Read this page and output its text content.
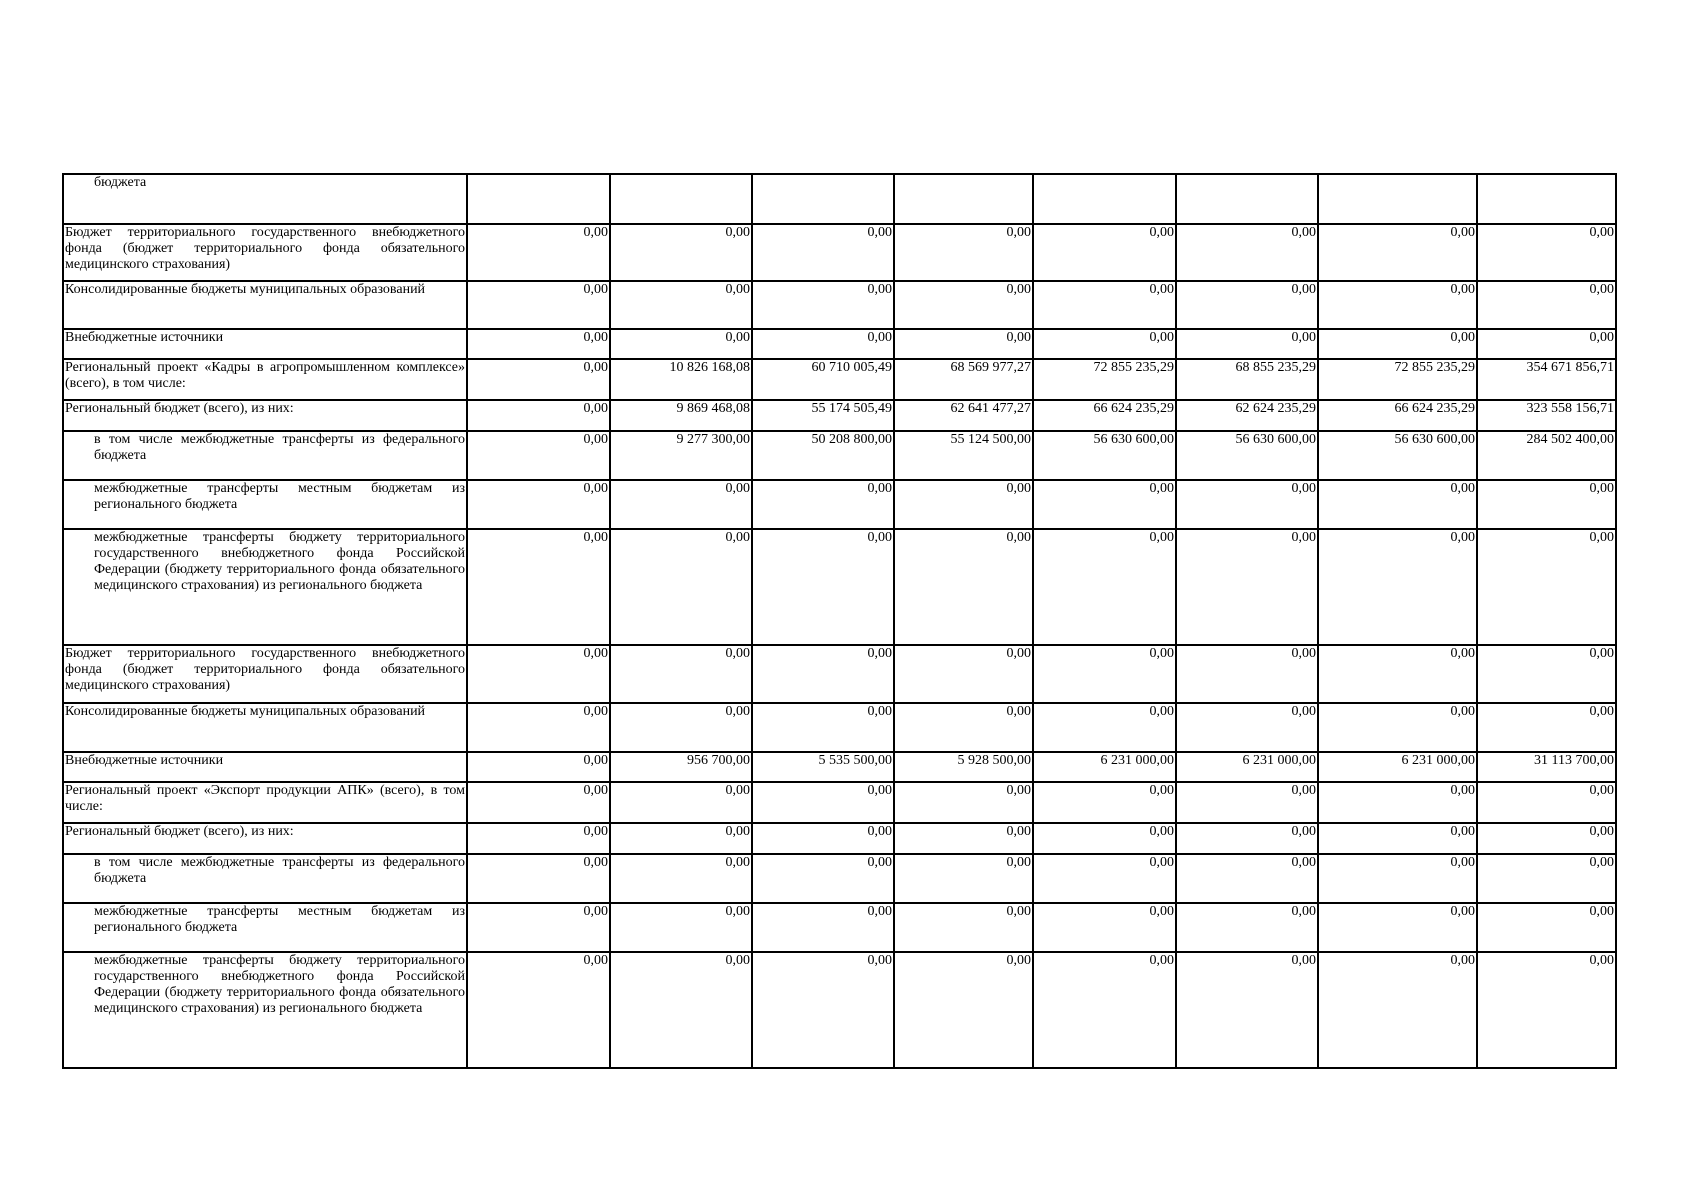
бюджета								
Бюджет территориального государственного внебюджетного фонда (бюджет территориального фонда обязательного медицинского страхования)	0,00	0,00	0,00	0,00	0,00	0,00	0,00	0,00
Консолидированные бюджеты муниципальных образований	0,00	0,00	0,00	0,00	0,00	0,00	0,00	0,00
Внебюджетные источники	0,00	0,00	0,00	0,00	0,00	0,00	0,00	0,00
Региональный проект «Кадры в агропромышленном комплексе» (всего), в том числе:	0,00	10 826 168,08	60 710 005,49	68 569 977,27	72 855 235,29	68 855 235,29	72 855 235,29	354 671 856,71
Региональный бюджет (всего), из них:	0,00	9 869 468,08	55 174 505,49	62 641 477,27	66 624 235,29	62 624 235,29	66 624 235,29	323 558 156,71
в том числе межбюджетные трансферты из федерального бюджета	0,00	9 277 300,00	50 208 800,00	55 124 500,00	56 630 600,00	56 630 600,00	56 630 600,00	284 502 400,00
межбюджетные трансферты местным бюджетам из регионального бюджета	0,00	0,00	0,00	0,00	0,00	0,00	0,00	0,00
межбюджетные трансферты бюджету территориального государственного внебюджетного фонда Российской Федерации (бюджету территориального фонда обязательного медицинского страхования) из регионального бюджета	0,00	0,00	0,00	0,00	0,00	0,00	0,00	0,00
Бюджет территориального государственного внебюджетного фонда (бюджет территориального фонда обязательного медицинского страхования)	0,00	0,00	0,00	0,00	0,00	0,00	0,00	0,00
Консолидированные бюджеты муниципальных образований	0,00	0,00	0,00	0,00	0,00	0,00	0,00	0,00
Внебюджетные источники	0,00	956 700,00	5 535 500,00	5 928 500,00	6 231 000,00	6 231 000,00	6 231 000,00	31 113 700,00
Региональный проект «Экспорт продукции АПК» (всего), в том числе:	0,00	0,00	0,00	0,00	0,00	0,00	0,00	0,00
Региональный бюджет (всего), из них:	0,00	0,00	0,00	0,00	0,00	0,00	0,00	0,00
в том числе межбюджетные трансферты из федерального бюджета	0,00	0,00	0,00	0,00	0,00	0,00	0,00	0,00
межбюджетные трансферты местным бюджетам из регионального бюджета	0,00	0,00	0,00	0,00	0,00	0,00	0,00	0,00
межбюджетные трансферты бюджету территориального государственного внебюджетного фонда Российской Федерации (бюджету территориального фонда обязательного медицинского страхования) из регионального бюджета	0,00	0,00	0,00	0,00	0,00	0,00	0,00	0,00
